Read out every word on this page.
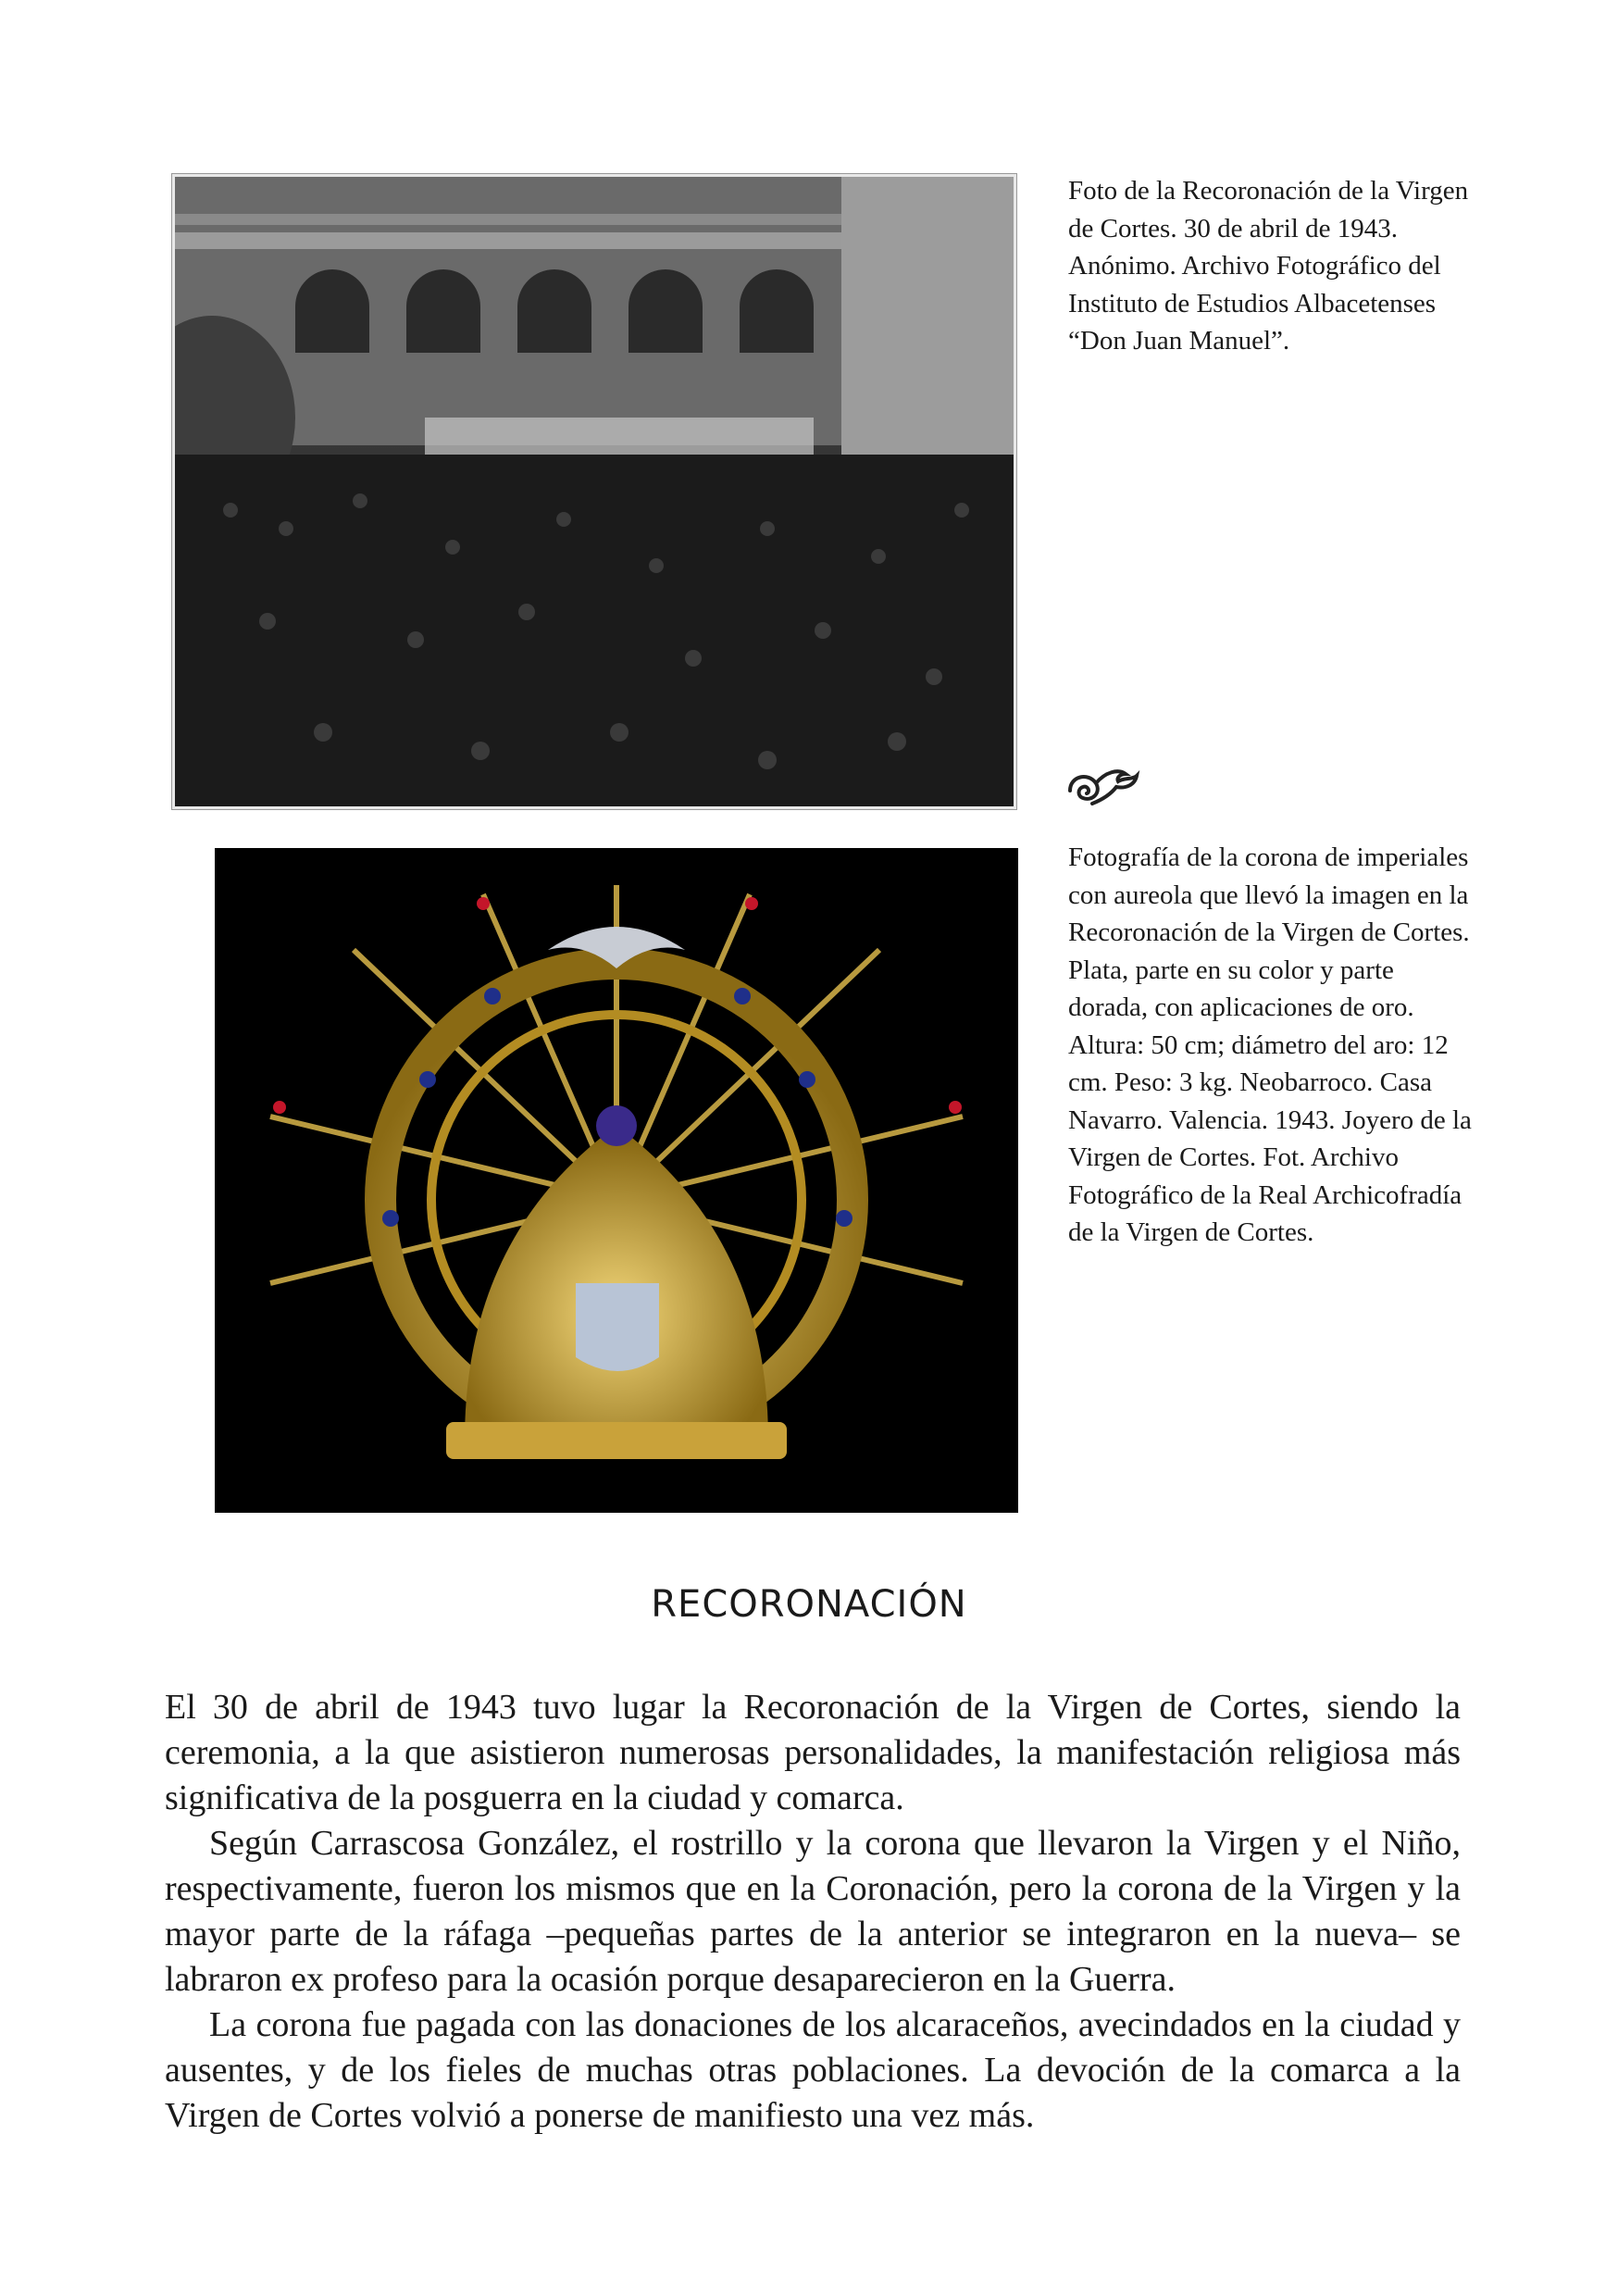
Foto de la Recoronación de la Virgen de Cortes. 30 de abril de 1943. Anónimo. Archivo Fotográfico del Instituto de Estudios Albacetenses “Don Juan Manuel”.
Fotografía de la corona de imperiales con aureola que llevó la imagen en la Recoronación de la Virgen de Cortes. Plata, parte en su color y parte dorada, con aplicaciones de oro. Altura: 50 cm; diámetro del aro: 12 cm. Peso: 3 kg. Neobarroco. Casa Navarro. Valencia. 1943. Joyero de la Virgen de Cortes. Fot. Archivo Fotográfico de la Real Archicofradía de la Virgen de Cortes.
RECORONACIÓN

El 30 de abril de 1943 tuvo lugar la Recoronación de la Virgen de Cortes, siendo la ceremonia, a la que asistieron numerosas personalidades, la manifestación religiosa más significativa de la posguerra en la ciudad y comarca.

Según Carrascosa González, el rostrillo y la corona que llevaron la Virgen y el Niño, respectivamente, fueron los mismos que en la Coronación, pero la corona de la Virgen y la mayor parte de la ráfaga –pequeñas partes de la anterior se integraron en la nueva– se labraron ex profeso para la ocasión porque desaparecieron en la Guerra.

La corona fue pagada con las donaciones de los alcaraceños, avecindados en la ciudad y ausentes, y de los fieles de muchas otras poblaciones. La devoción de la comarca a la Virgen de Cortes volvió a ponerse de manifiesto una vez más.
